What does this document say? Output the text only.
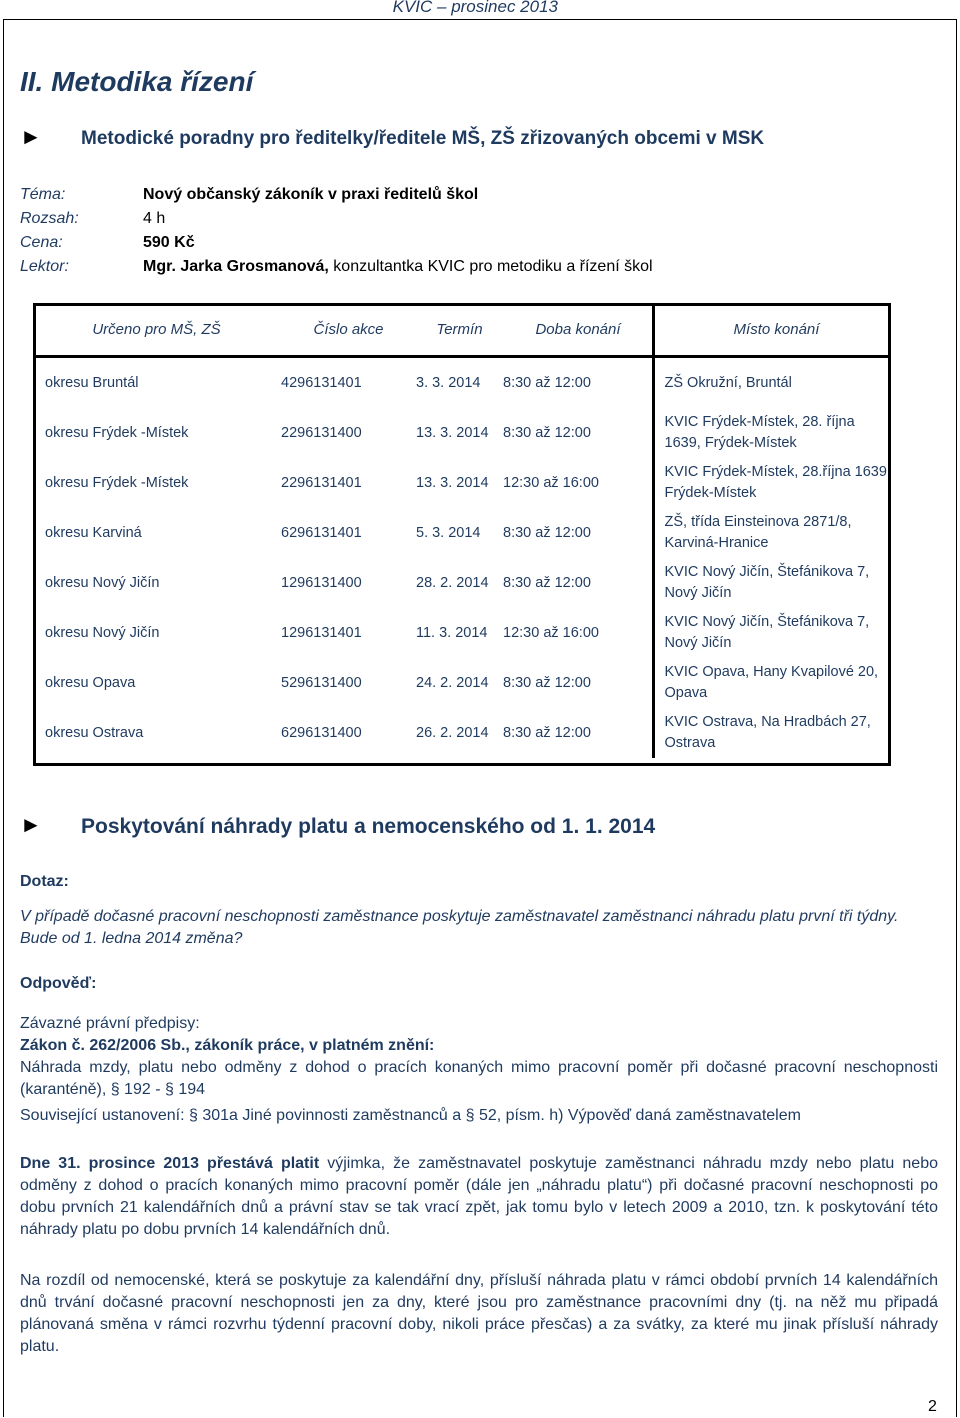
KVIC – prosinec 2013
II. Metodika řízení
► Metodické poradny pro ředitelky/ředitele MŠ, ZŠ zřizovaných obcemi v MSK
Téma:	Nový občanský zákoník v praxi ředitelů škol
Rozsah:	4 h
Cena:	590 Kč
Lektor:	Mgr. Jarka Grosmanová, konzultantka KVIC pro metodiku a řízení škol
Určeno pro MŠ, ZŠ	Číslo akce	Termín	Doba konání	Místo konání
okresu Bruntál	4296131401	3. 3. 2014	8:30 až 12:00	ZŠ Okružní, Bruntál
okresu Frýdek -Místek	2296131400	13. 3. 2014	8:30 až 12:00	KVIC Frýdek-Místek, 28. října 1639, Frýdek-Místek
okresu Frýdek -Místek	2296131401	13. 3. 2014	12:30 až 16:00	KVIC Frýdek-Místek, 28.října 1639, Frýdek-Místek
okresu Karviná	6296131401	5. 3. 2014	8:30 až 12:00	ZŠ, třída Einsteinova 2871/8, Karviná-Hranice
okresu Nový Jičín	1296131400	28. 2. 2014	8:30 až 12:00	KVIC Nový Jičín, Štefánikova 7, Nový Jičín
okresu Nový Jičín	1296131401	11. 3. 2014	12:30 až 16:00	KVIC Nový Jičín, Štefánikova 7, Nový Jičín
okresu Opava	5296131400	24. 2. 2014	8:30 až 12:00	KVIC Opava, Hany Kvapilové 20, Opava
okresu Ostrava	6296131400	26. 2. 2014	8:30 až 12:00	KVIC Ostrava, Na Hradbách 27, Ostrava
► Poskytování náhrady platu a nemocenského od 1. 1. 2014
Dotaz:
V případě dočasné pracovní neschopnosti zaměstnance poskytuje zaměstnavatel zaměstnanci náhradu platu první tři týdny. Bude od 1. ledna 2014 změna?
Odpověď:
Závazné právní předpisy:
Zákon č. 262/2006 Sb., zákoník práce, v platném znění:
Náhrada mzdy, platu nebo odměny z dohod o pracích konaných mimo pracovní poměr při dočasné pracovní neschopnosti (karanténě), § 192 - § 194
Související ustanovení: § 301a Jiné povinnosti zaměstnanců a § 52, písm. h) Výpověď daná zaměstnavatelem
Dne 31. prosince 2013 přestává platit výjimka, že zaměstnavatel poskytuje zaměstnanci náhradu mzdy nebo platu nebo odměny z dohod o pracích konaných mimo pracovní poměr (dále jen „náhradu platu“) při dočasné pracovní neschopnosti po dobu prvních 21 kalendářních dnů a právní stav se tak vrací zpět, jak tomu bylo v letech 2009 a 2010, tzn. k poskytování této náhrady platu po dobu prvních 14 kalendářních dnů.
Na rozdíl od nemocenské, která se poskytuje za kalendářní dny, přísluší náhrada platu v rámci období prvních 14 kalendářních dnů trvání dočasné pracovní neschopnosti jen za dny, které jsou pro zaměstnance pracovními dny (tj. na něž mu připadá plánovaná směna v rámci rozvrhu týdenní pracovní doby, nikoli práce přesčas) a za svátky, za které mu jinak přísluší náhrady platu.
2
